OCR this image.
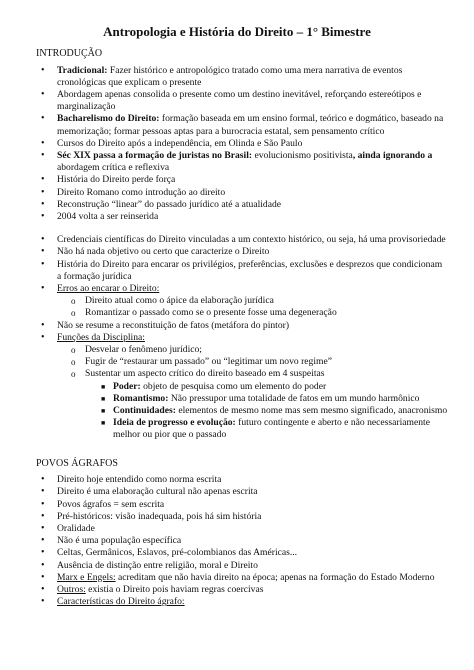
Antropologia e História do Direito – 1° Bimestre
INTRODUÇÃO
• Tradicional: Fazer histórico e antropológico tratado como uma mera narrativa de eventos cronológicas que explicam o presente
• Abordagem apenas consolida o presente como um destino inevitável, reforçando estereótipos e marginalização
• Bacharelismo do Direito: formação baseada em um ensino formal, teórico e dogmático, baseado na memorização; formar pessoas aptas para a burocracia estatal, sem pensamento crítico
• Cursos do Direito após a independência, em Olinda e São Paulo
• Séc XIX passa a formação de juristas no Brasil: evolucionismo positivista, ainda ignorando a abordagem crítica e reflexiva
• História do Direito perde força
• Direito Romano como introdução ao direito
• Reconstrução “linear” do passado jurídico até a atualidade
• 2004 volta a ser reinserida
• Credenciais científicas do Direito vinculadas a um contexto histórico, ou seja, há uma provisoriedade
• Não há nada objetivo ou certo que caracterize o Direito
• História do Direito para encarar os privilégios, preferências, exclusões e desprezos que condicionam a formação jurídica
• Erros ao encarar o Direito:
o Direito atual como o ápice da elaboração jurídica
o Romantizar o passado como se o presente fosse uma degeneração
• Não se resume a reconstituição de fatos (metáfora do pintor)
• Funções da Disciplina:
o Desvelar o fenômeno jurídico;
o Fugir de “restaurar um passado” ou “legitimar um novo regime”
o Sustentar um aspecto crítico do direito baseado em 4 suspeitas
■ Poder: objeto de pesquisa como um elemento do poder
■ Romantismo: Não pressupor uma totalidade de fatos em um mundo harmônico
■ Continuidades: elementos de mesmo nome mas sem mesmo significado, anacronismo
■ Ideia de progresso e evolução: futuro contingente e aberto e não necessariamente melhor ou pior que o passado
POVOS ÁGRAFOS
• Direito hoje entendido como norma escrita
• Direito é uma elaboração cultural não apenas escrita
• Povos ágrafos = sem escrita
• Pré-históricos: visão inadequada, pois há sim história
• Oralidade
• Não é uma população específica
• Celtas, Germânicos, Eslavos, pré-colombianos das Américas...
• Ausência de distinção entre religião, moral e Direito
• Marx e Engels: acreditam que não havia direito na época; apenas na formação do Estado Moderno
• Outros: existia o Direito pois haviam regras coercivas
• Características do Direito ágrafo:
